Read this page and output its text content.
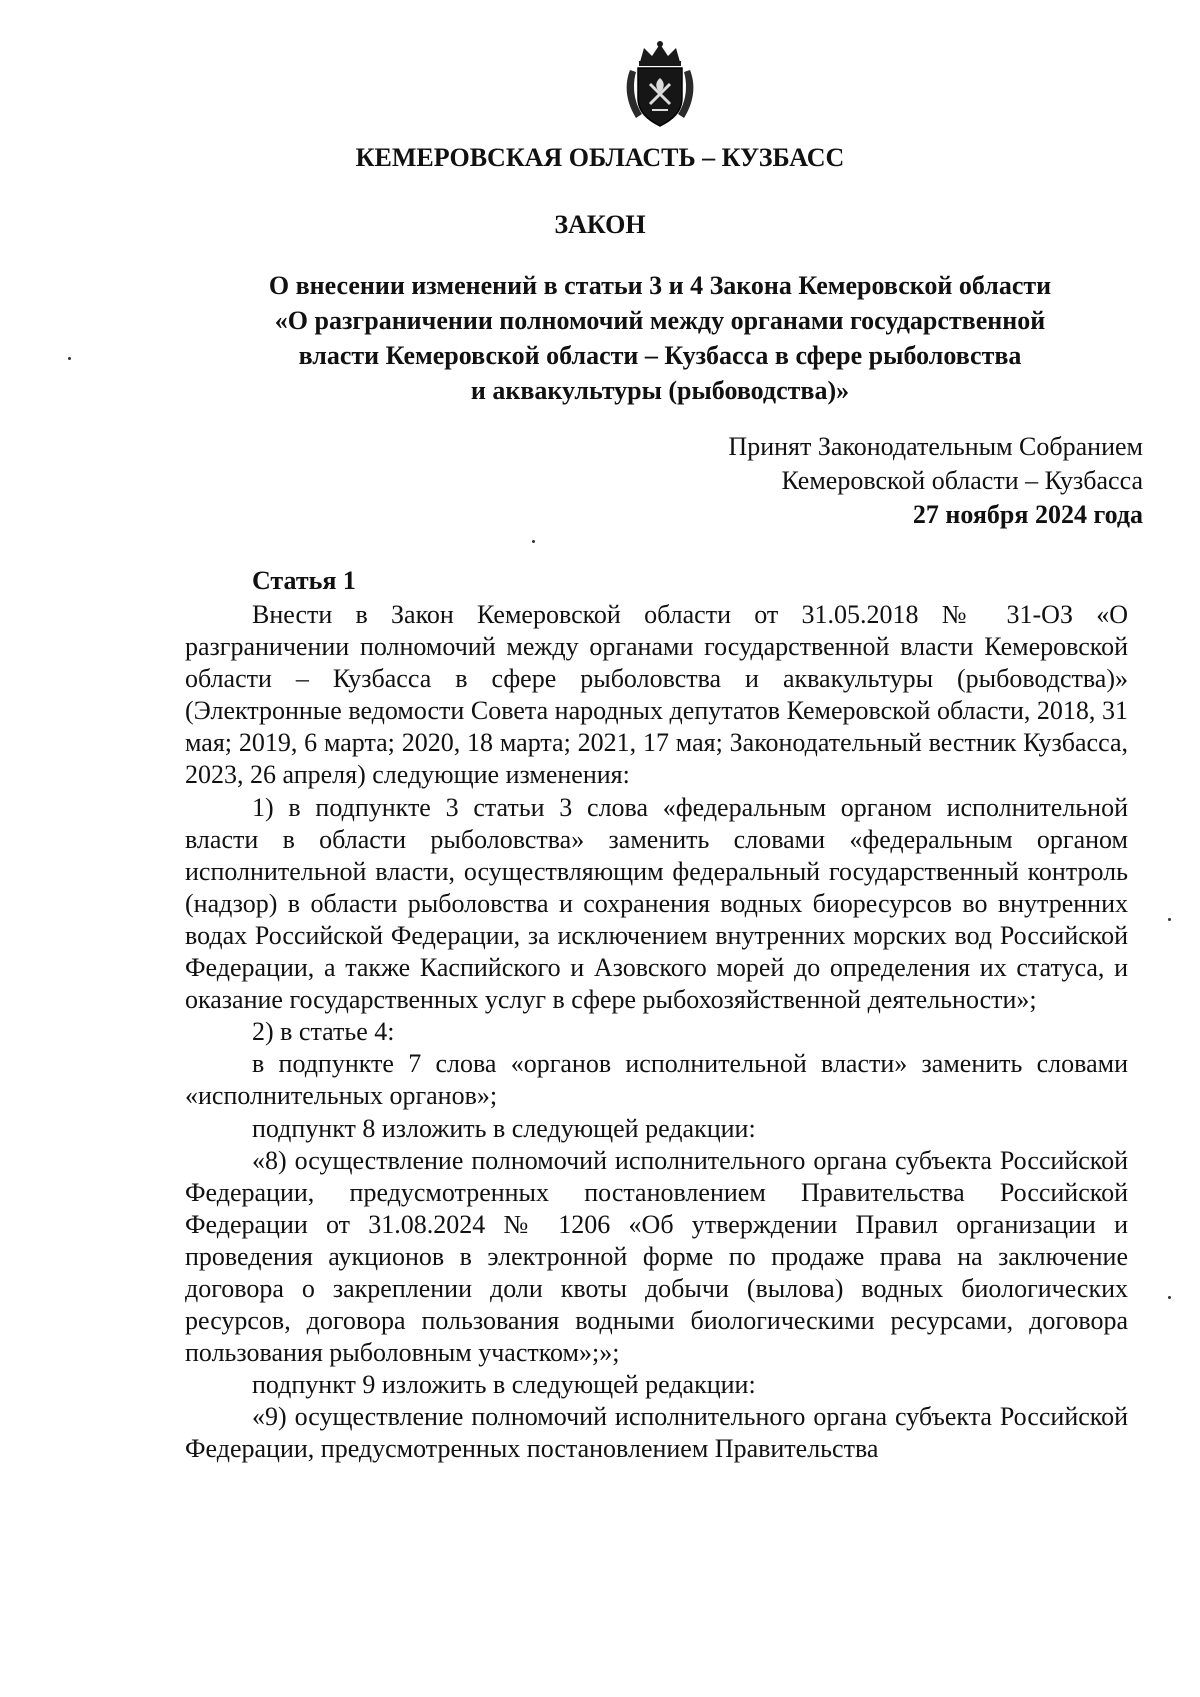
КЕМЕРОВСКАЯ ОБЛАСТЬ – КУЗБАСС
ЗАКОН
О внесении изменений в статьи 3 и 4 Закона Кемеровской области
«О разграничении полномочий между органами государственной
власти Кемеровской области – Кузбасса в сфере рыболовства
и аквакультуры (рыбоводства)»
Принят Законодательным Собранием
Кемеровской области – Кузбасса
27 ноября 2024 года
Статья 1

Внести в Закон Кемеровской области от 31.05.2018 № 31-ОЗ «О разграничении полномочий между органами государственной власти Кемеровской области – Кузбасса в сфере рыболовства и аквакультуры (рыбоводства)» (Электронные ведомости Совета народных депутатов Кемеровской области, 2018, 31 мая; 2019, 6 марта; 2020, 18 марта; 2021, 17 мая; Законодательный вестник Кузбасса, 2023, 26 апреля) следующие изменения:

1) в подпункте 3 статьи 3 слова «федеральным органом исполнительной власти в области рыболовства» заменить словами «федеральным органом исполнительной власти, осуществляющим федеральный государственный контроль (надзор) в области рыболовства и сохранения водных биоресурсов во внутренних водах Российской Федерации, за исключением внутренних морских вод Российской Федерации, а также Каспийского и Азовского морей до определения их статуса, и оказание государственных услуг в сфере рыбохозяйственной деятельности»;

2) в статье 4:

в подпункте 7 слова «органов исполнительной власти» заменить словами «исполнительных органов»;

подпункт 8 изложить в следующей редакции:

«8) осуществление полномочий исполнительного органа субъекта Российской Федерации, предусмотренных постановлением Правительства Российской Федерации от 31.08.2024 № 1206 «Об утверждении Правил организации и проведения аукционов в электронной форме по продаже права на заключение договора о закреплении доли квоты добычи (вылова) водных биологических ресурсов, договора пользования водными биологическими ресурсами, договора пользования рыболовным участком»;»;

подпункт 9 изложить в следующей редакции:

«9) осуществление полномочий исполнительного органа субъекта Российской Федерации, предусмотренных постановлением Правительства
